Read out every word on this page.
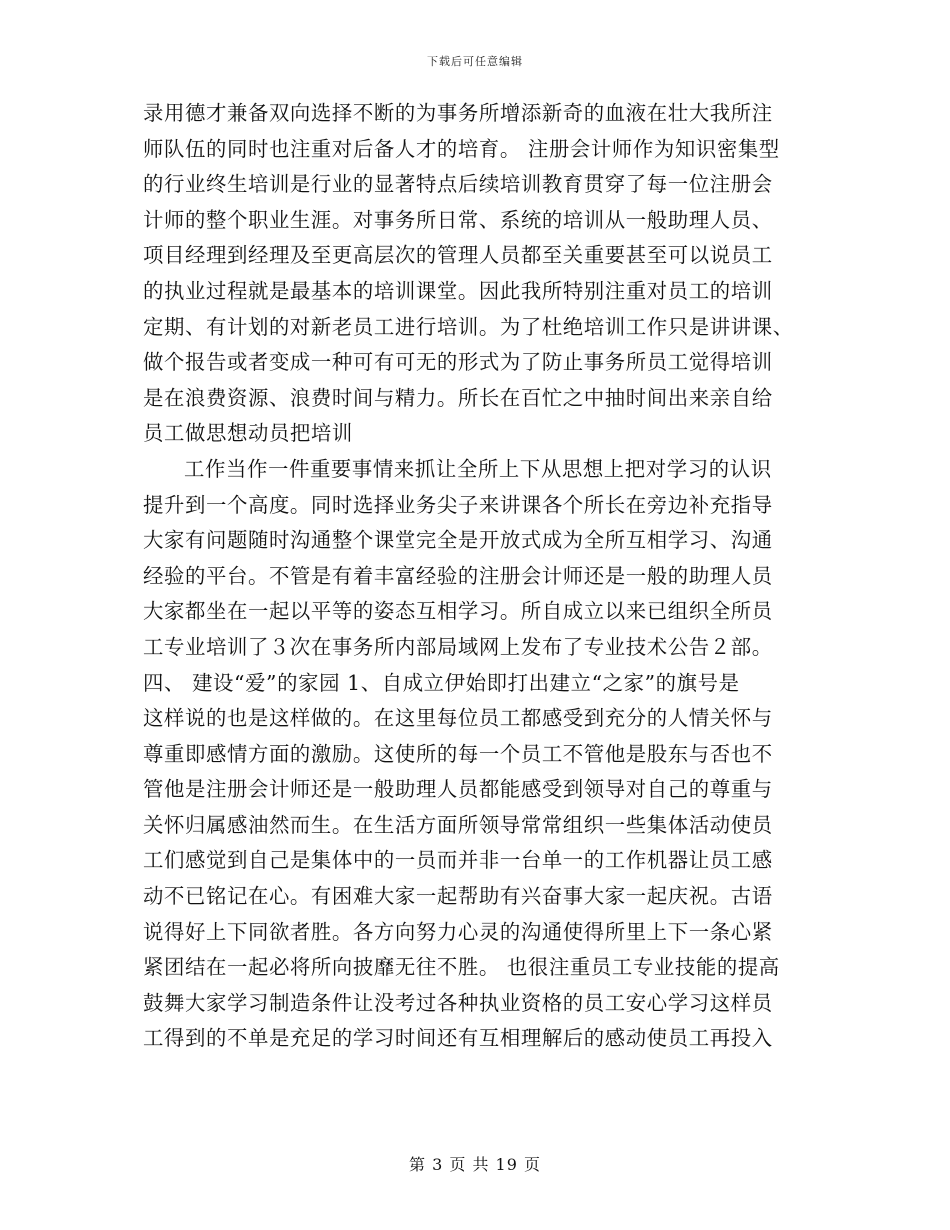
下载后可任意编辑
录用德才兼备双向选择不断的为事务所增添新奇的血液在壮大我所注
师队伍的同时也注重对后备人才的培育。 注册会计师作为知识密集型
的行业终生培训是行业的显著特点后续培训教育贯穿了每一位注册会
计师的整个职业生涯。对事务所日常、系统的培训从一般助理人员、
项目经理到经理及至更高层次的管理人员都至关重要甚至可以说员工
的执业过程就是最基本的培训课堂。因此我所特别注重对员工的培训
定期、有计划的对新老员工进行培训。为了杜绝培训工作只是讲讲课、
做个报告或者变成一种可有可无的形式为了防止事务所员工觉得培训
是在浪费资源、浪费时间与精力。所长在百忙之中抽时间出来亲自给
员工做思想动员把培训
工作当作一件重要事情来抓让全所上下从思想上把对学习的认识
提升到一个高度。同时选择业务尖子来讲课各个所长在旁边补充指导
大家有问题随时沟通整个课堂完全是开放式成为全所互相学习、沟通
经验的平台。不管是有着丰富经验的注册会计师还是一般的助理人员
大家都坐在一起以平等的姿态互相学习。所自成立以来已组织全所员
工专业培训了３次在事务所内部局域网上发布了专业技术公告２部。
四、 建设“爱”的家园 1、自成立伊始即打出建立“之家”的旗号是
这样说的也是这样做的。在这里每位员工都感受到充分的人情关怀与
尊重即感情方面的激励。这使所的每一个员工不管他是股东与否也不
管他是注册会计师还是一般助理人员都能感受到领导对自己的尊重与
关怀归属感油然而生。在生活方面所领导常常组织一些集体活动使员
工们感觉到自己是集体中的一员而并非一台单一的工作机器让员工感
动不已铭记在心。有困难大家一起帮助有兴奋事大家一起庆祝。古语
说得好上下同欲者胜。各方向努力心灵的沟通使得所里上下一条心紧
紧团结在一起必将所向披靡无往不胜。 也很注重员工专业技能的提高
鼓舞大家学习制造条件让没考过各种执业资格的员工安心学习这样员
工得到的不单是充足的学习时间还有互相理解后的感动使员工再投入
第 3 页 共 19 页
